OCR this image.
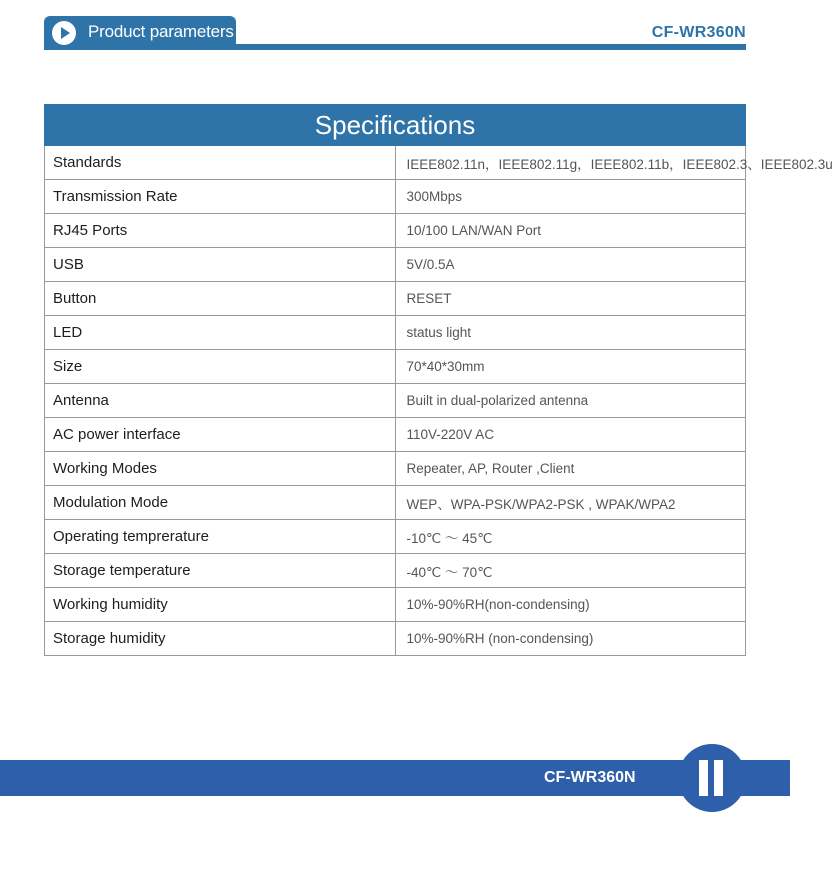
Product parameters	CF-WR360N
Specifications	
Standards	IEEE802.11n，IEEE802.11g，IEEE802.11b，IEEE802.3、IEEE802.3u
Transmission Rate	300Mbps
RJ45 Ports	10/100 LAN/WAN Port
USB	5V/0.5A
Button	RESET
LED	status light
Size	70*40*30mm
Antenna	Built in dual-polarized antenna
AC power interface	110V-220V AC
Working Modes	Repeater, AP, Router ,Client
Modulation Mode	WEP、WPA-PSK/WPA2-PSK , WPAK/WPA2
Operating temprerature	-10℃ ～ 45℃
Storage temperature	-40℃ ～ 70℃
Working humidity	10%-90%RH(non-condensing)
Storage humidity	10%-90%RH (non-condensing)
CF-WR360N
